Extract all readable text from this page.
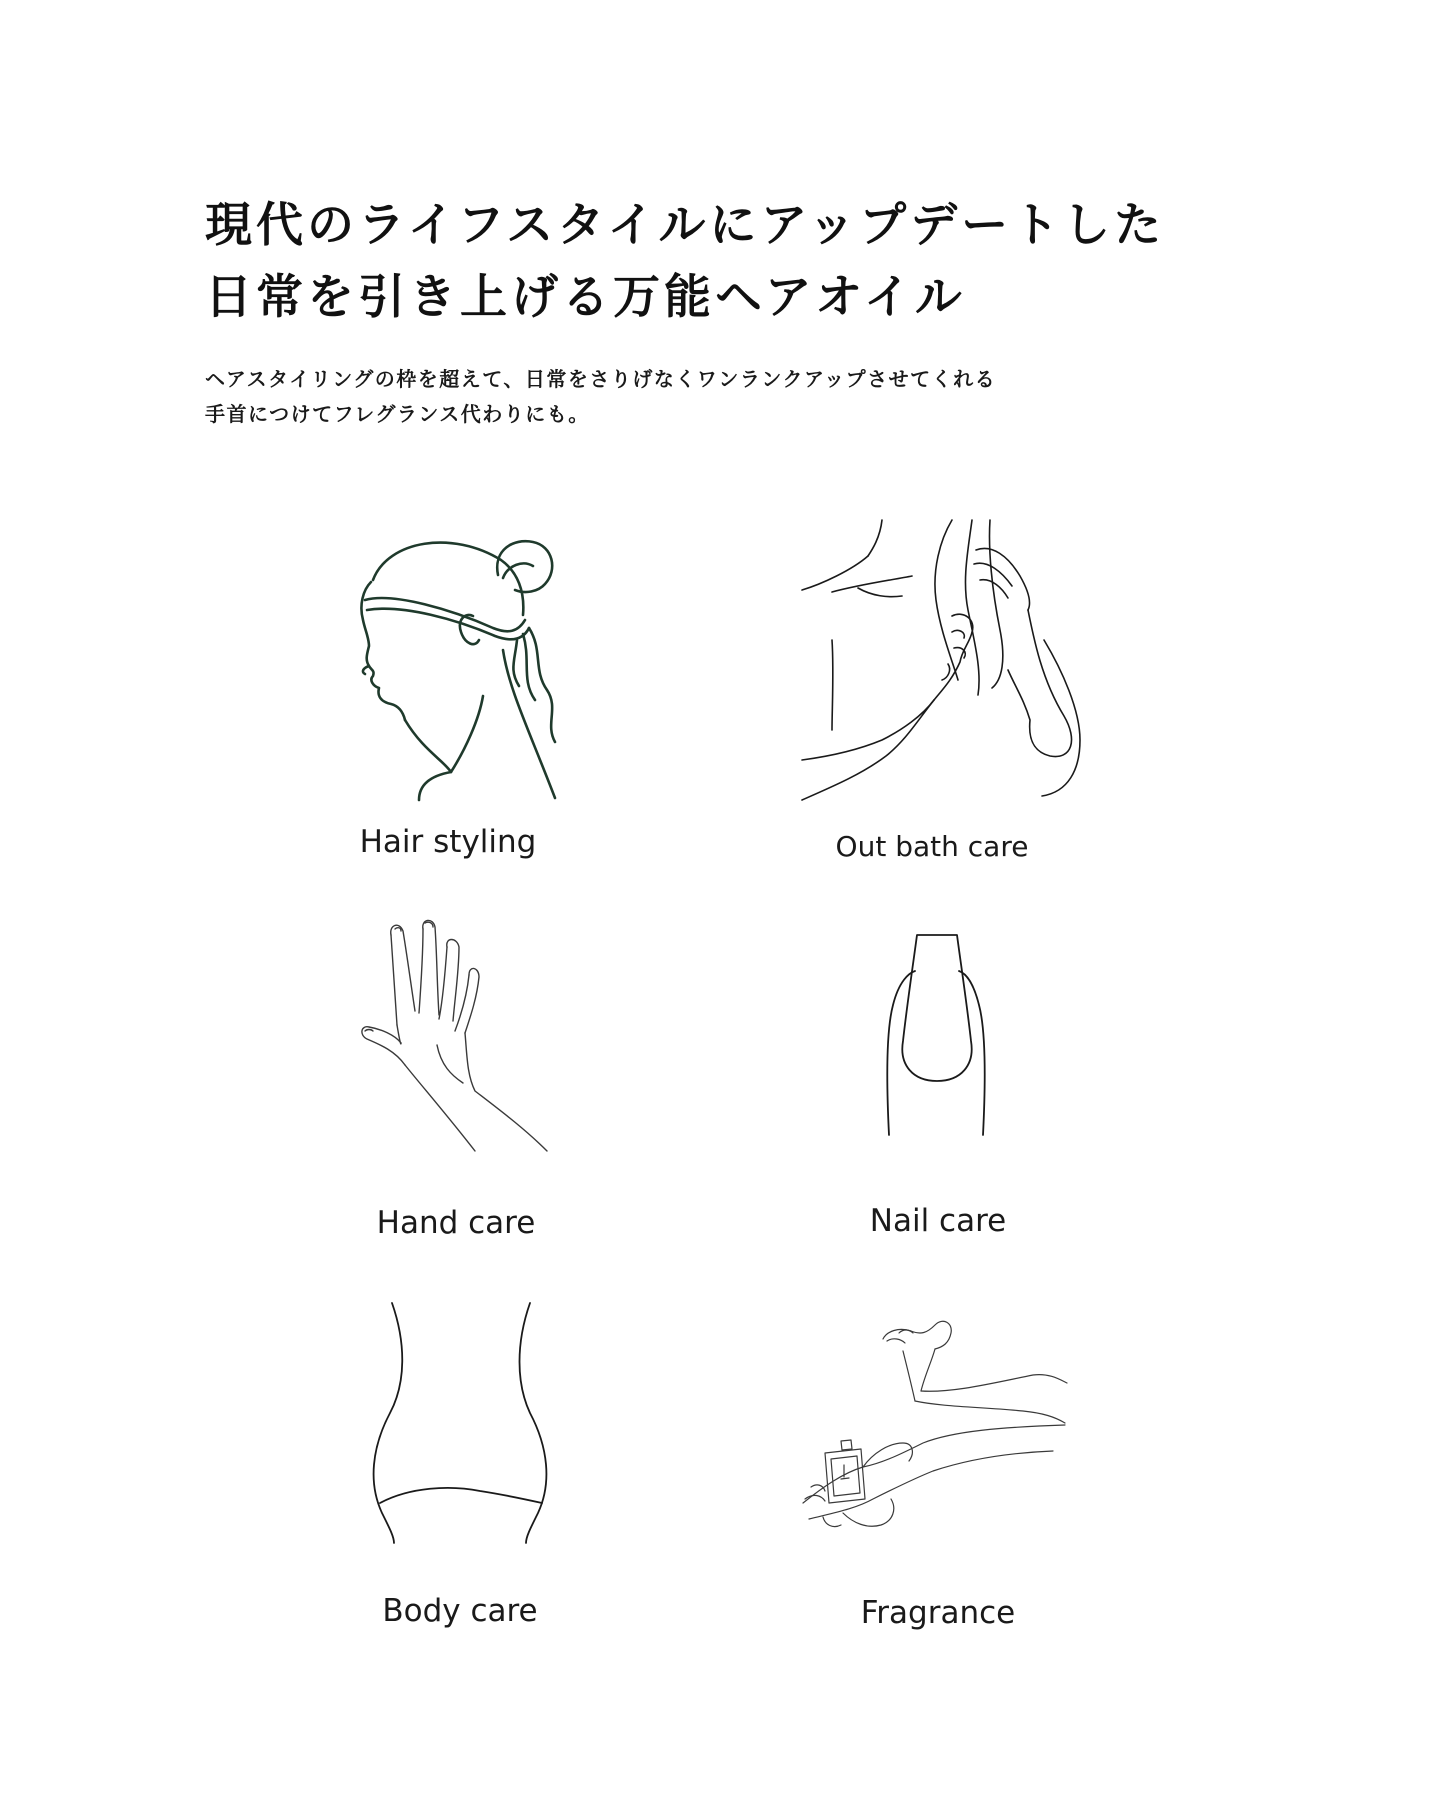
現代のライフスタイルにアップデートした
日常を引き上げる万能ヘアオイル

ヘアスタイリングの枠を超えて、日常をさりげなくワンランクアップさせてくれる
手首につけてフレグランス代わりにも。

Hair styling	Out bath care
Hand care	Nail care
Body care	Fragrance
